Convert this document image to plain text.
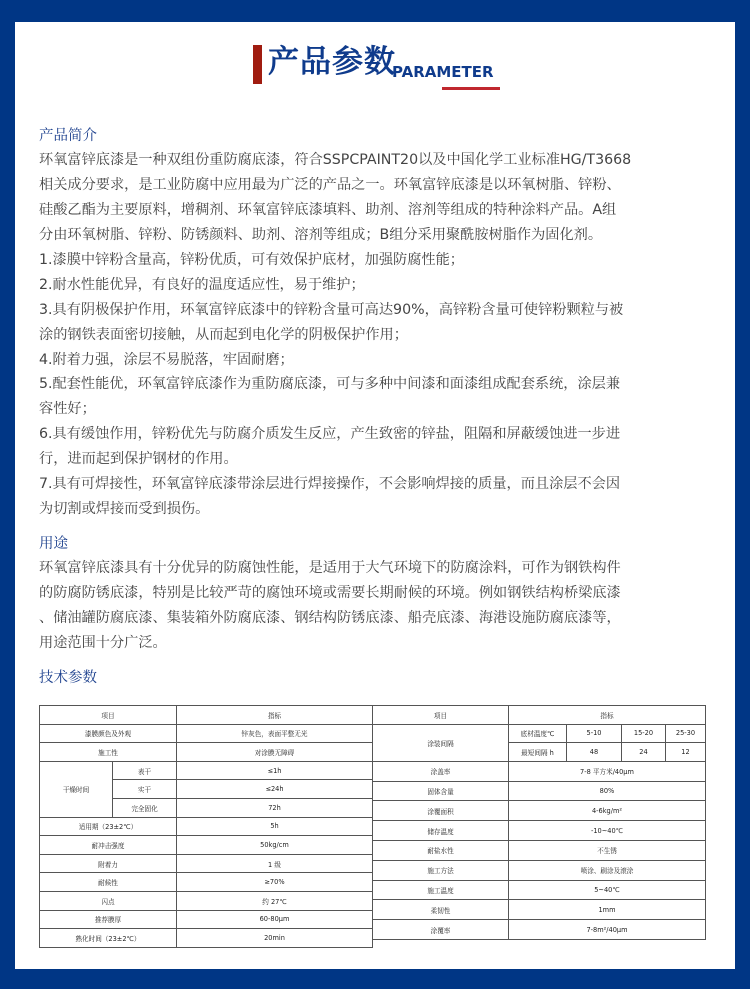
产品参数
PARAMETER
产品简介
环氧富锌底漆是一种双组份重防腐底漆，符合SSPCPAINT20以及中国化学工业标准HG/T3668
相关成分要求，是工业防腐中应用最为广泛的产品之一。环氧富锌底漆是以环氧树脂、锌粉、
硅酸乙酯为主要原料，增稠剂、环氧富锌底漆填料、助剂、溶剂等组成的特种涂料产品。A组
分由环氧树脂、锌粉、防锈颜料、助剂、溶剂等组成；B组分采用聚酰胺树脂作为固化剂。
1.漆膜中锌粉含量高，锌粉优质，可有效保护底材，加强防腐性能；
2.耐水性能优异，有良好的温度适应性，易于维护；
3.具有阴极保护作用，环氧富锌底漆中的锌粉含量可高达90%，高锌粉含量可使锌粉颗粒与被
涂的钢铁表面密切接触，从而起到电化学的阴极保护作用；
4.附着力强，涂层不易脱落，牢固耐磨；
5.配套性能优，环氧富锌底漆作为重防腐底漆，可与多种中间漆和面漆组成配套系统，涂层兼
容性好；
6.具有缓蚀作用，锌粉优先与防腐介质发生反应，产生致密的锌盐，阻隔和屏蔽缓蚀进一步进
行，进而起到保护钢材的作用。
7.具有可焊接性，环氧富锌底漆带涂层进行焊接操作，不会影响焊接的质量，而且涂层不会因
为切割或焊接而受到损伤。
用途
环氧富锌底漆具有十分优异的防腐蚀性能，是适用于大气环境下的防腐涂料，可作为钢铁构件
的防腐防锈底漆，特别是比较严苛的腐蚀环境或需要长期耐候的环境。例如钢铁结构桥梁底漆
、储油罐防腐底漆、集装箱外防腐底漆、钢结构防锈底漆、船壳底漆、海港设施防腐底漆等，
用途范围十分广泛。
技术参数
项目		指标
漆膜颜色及外观		锌灰色，表面平整无光
施工性		对涂膜无障碍
干燥时间	表干	≤1h
	实干	≤24h
	完全固化	72h
适用期（23±2℃）		5h
耐冲击强度		50kg/cm
附着力		1 级
耐候性		≥70%
闪点		约 27℃
推荐膜厚		60-80μm
熟化时间（23±2℃）		20min
项目	指标			
涂装间隔	底材温度℃	5-10	15-20	25-30
	最短间隔 h	48	24	12
涂盖率	7-8 平方米/40μm			
固体含量	80%			
涂覆面积	4-6kg/m²			
储存温度	-10~40℃			
耐盐水性	不生锈			
施工方法	喷涂、刷涂及滚涂			
施工温度	5~40℃			
柔韧性	1mm			
涂覆率	7-8m²/40μm			
